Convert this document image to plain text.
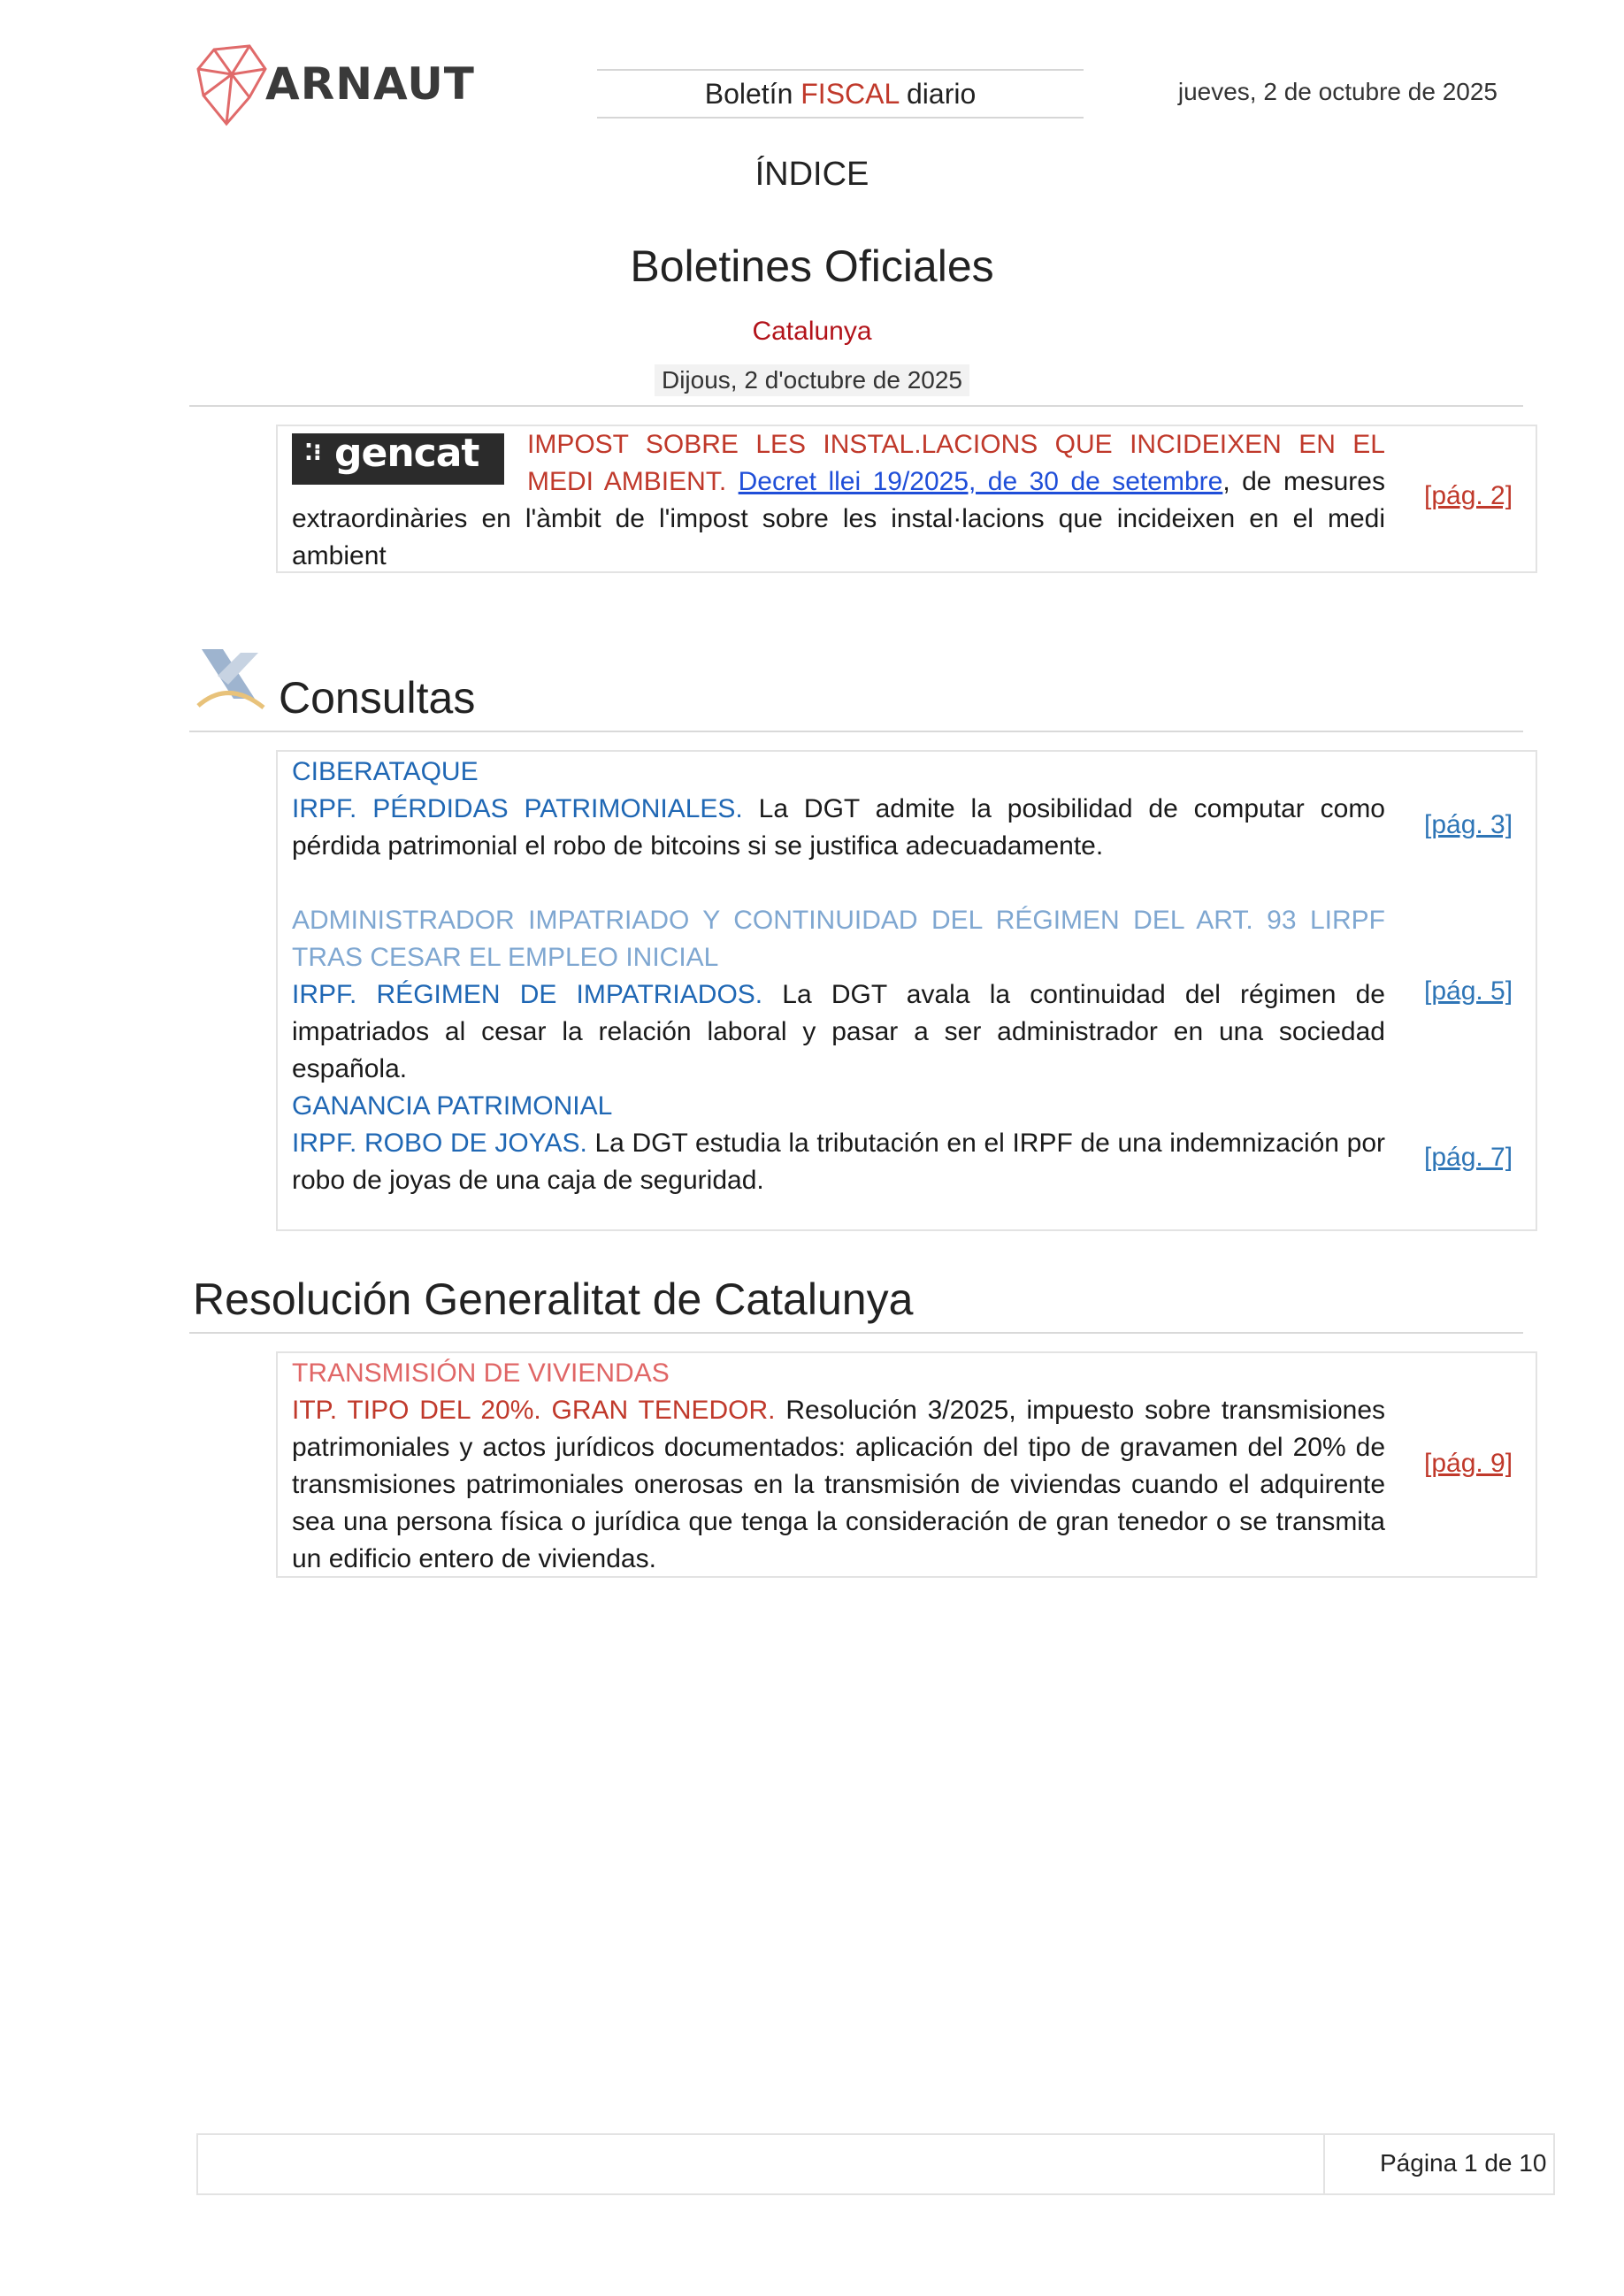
ARNAUT	Boletín FISCAL diario	jueves, 2 de octubre de 2025
ÍNDICE
Boletines Oficiales
Catalunya
Dijous, 2 d'octubre de 2025
⁚⁝ gencat IMPOST SOBRE LES INSTAL.LACIONS QUE INCIDEIXEN EN EL MEDI AMBIENT. Decret llei 19/2025, de 30 de setembre, de mesures extraordinàries en l'àmbit de l'impost sobre les instal·lacions que incideixen en el medi ambient
[pág. 2]
Consultas
CIBERATAQUE
IRPF. PÉRDIDAS PATRIMONIALES. La DGT admite la posibilidad de computar como pérdida patrimonial el robo de bitcoins si se justifica adecuadamente.
[pág. 3]
ADMINISTRADOR IMPATRIADO Y CONTINUIDAD DEL RÉGIMEN DEL ART. 93 LIRPF TRAS CESAR EL EMPLEO INICIAL
IRPF. RÉGIMEN DE IMPATRIADOS. La DGT avala la continuidad del régimen de impatriados al cesar la relación laboral y pasar a ser administrador en una sociedad española.
[pág. 5]
GANANCIA PATRIMONIAL
IRPF. ROBO DE JOYAS. La DGT estudia la tributación en el IRPF de una indemnización por robo de joyas de una caja de seguridad.
[pág. 7]
Resolución Generalitat de Catalunya
TRANSMISIÓN DE VIVIENDAS
ITP. TIPO DEL 20%. GRAN TENEDOR. Resolución 3/2025, impuesto sobre transmisiones patrimoniales y actos jurídicos documentados: aplicación del tipo de gravamen del 20% de transmisiones patrimoniales onerosas en la transmisión de viviendas cuando el adquirente sea una persona física o jurídica que tenga la consideración de gran tenedor o se transmita un edificio entero de viviendas.
[pág. 9]
Página 1 de 10
